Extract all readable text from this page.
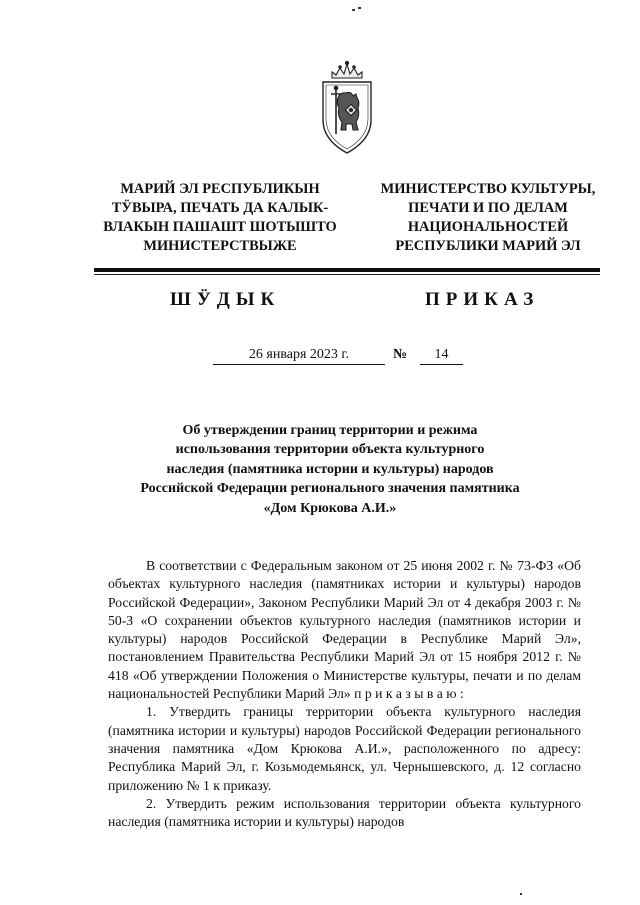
МАРИЙ ЭЛ РЕСПУБЛИКЫН
ТӰВЫРА, ПЕЧАТЬ ДА КАЛЫК-
ВЛАКЫН ПАШАШТ ШОТЫШТО
МИНИСТЕРСТВЫЖЕ
МИНИСТЕРСТВО КУЛЬТУРЫ,
ПЕЧАТИ И ПО ДЕЛАМ
НАЦИОНАЛЬНОСТЕЙ
РЕСПУБЛИКИ МАРИЙ ЭЛ
ШӰДЫК	ПРИКАЗ
26 января 2023 г.	№	14
Об утверждении границ территории и режима
использования территории объекта культурного
наследия (памятника истории и культуры) народов
Российской Федерации регионального значения памятника
«Дом Крюкова А.И.»

В соответствии с Федеральным законом от 25 июня 2002 г. № 73-ФЗ «Об объектах культурного наследия (памятниках истории и культуры) народов Российской Федерации», Законом Республики Марий Эл от 4 декабря 2003 г. № 50-З «О сохранении объектов культурного наследия (памятников истории и культуры) народов Российской Федерации в Республике Марий Эл», постановлением Правительства Республики Марий Эл от 15 ноября 2012 г. № 418 «Об утверждении Положения о Министерстве культуры, печати и по делам национальностей Республики Марий Эл» п р и к а з ы в а ю :

1. Утвердить границы территории объекта культурного наследия (памятника истории и культуры) народов Российской Федерации регионального значения памятника «Дом Крюкова А.И.», расположенного по адресу: Республика Марий Эл, г. Козьмодемьянск, ул. Чернышевского, д. 12 согласно приложению № 1 к приказу.

2. Утвердить режим использования территории объекта культурного наследия (памятника истории и культуры) народов
